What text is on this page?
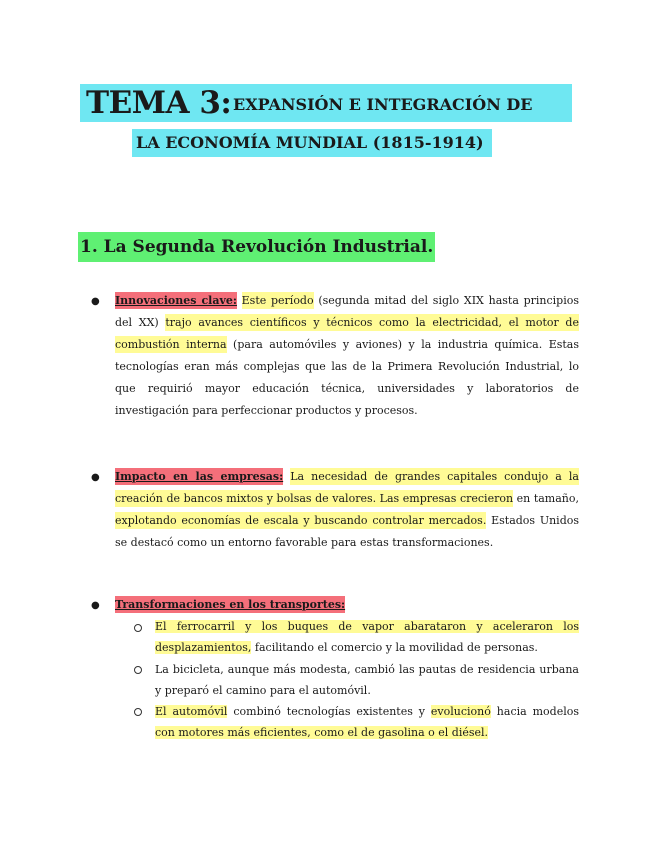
TEMA 3: EXPANSIÓN E INTEGRACIÓN DE
LA ECONOMÍA MUNDIAL (1815-1914)
1. La Segunda Revolución Industrial.
● Innovaciones clave: Este período (segunda mitad del siglo XIX hasta principios del XX) trajo avances científicos y técnicos como la electricidad, el motor de combustión interna (para automóviles y aviones) y la industria química. Estas tecnologías eran más complejas que las de la Primera Revolución Industrial, lo que requirió mayor educación técnica, universidades y laboratorios de investigación para perfeccionar productos y procesos.
● Impacto en las empresas: La necesidad de grandes capitales condujo a la creación de bancos mixtos y bolsas de valores. Las empresas crecieron en tamaño, explotando economías de escala y buscando controlar mercados. Estados Unidos se destacó como un entorno favorable para estas transformaciones.
● Transformaciones en los transportes:
El ferrocarril y los buques de vapor abarataron y aceleraron los desplazamientos, facilitando el comercio y la movilidad de personas.
La bicicleta, aunque más modesta, cambió las pautas de residencia urbana y preparó el camino para el automóvil.
El automóvil combinó tecnologías existentes y evolucionó hacia modelos con motores más eficientes, como el de gasolina o el diésel.
